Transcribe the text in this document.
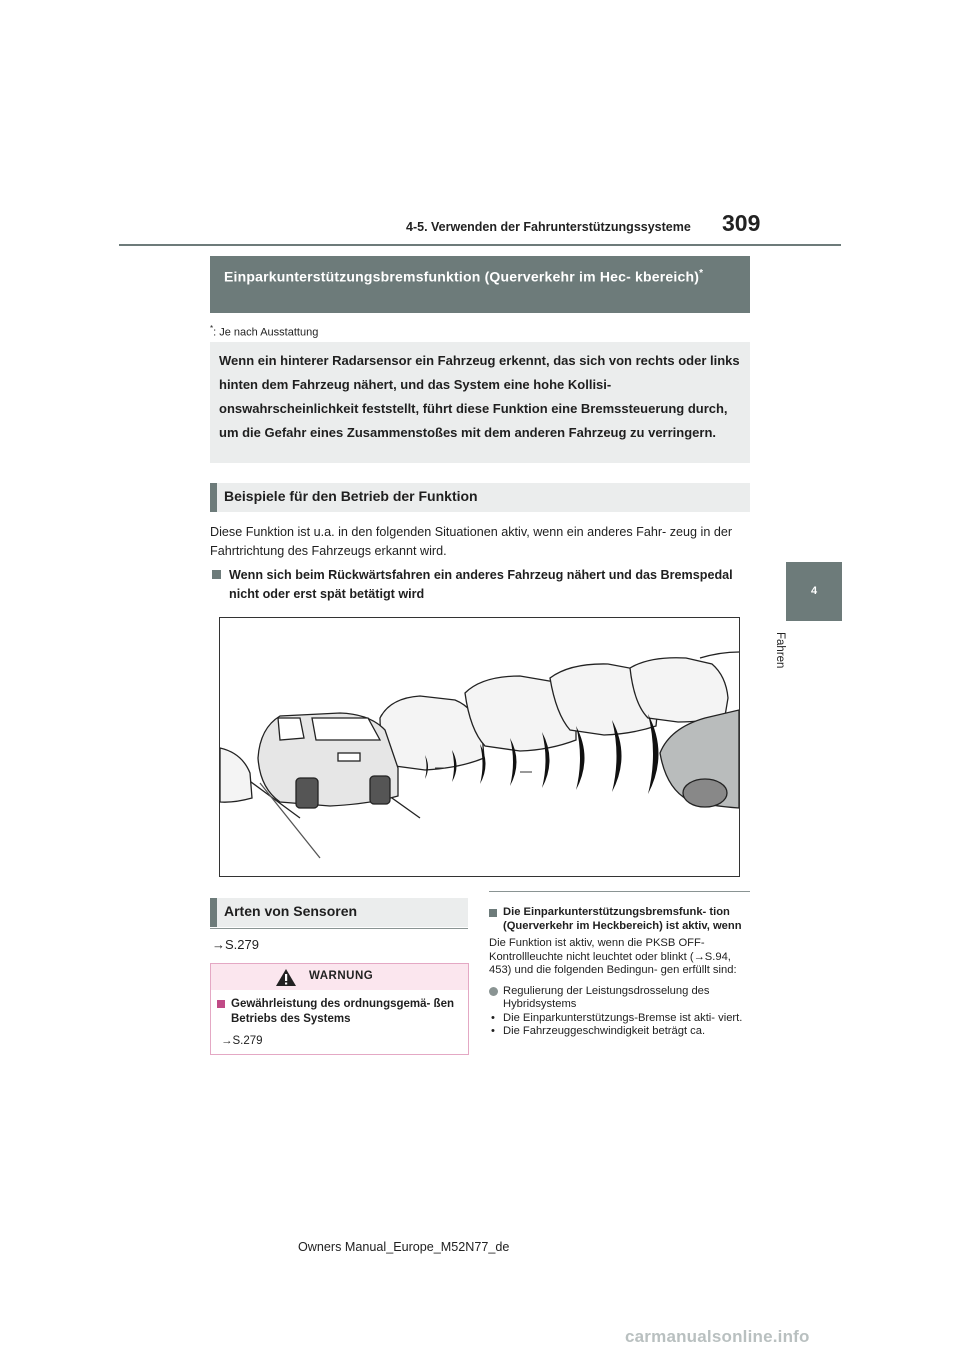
4-5. Verwenden der Fahrunterstützungssysteme 309
4
Fahren
Einparkunterstützungsbremsfunktion (Querverkehr im Hec- kbereich)*
*: Je nach Ausstattung
Wenn ein hinterer Radarsensor ein Fahrzeug erkennt, das sich von rechts oder links hinten dem Fahrzeug nähert, und das System eine hohe Kollisi- onswahrscheinlichkeit feststellt, führt diese Funktion eine Bremssteuerung durch, um die Gefahr eines Zusammenstoßes mit dem anderen Fahrzeug zu verringern.
Beispiele für den Betrieb der Funktion
Diese Funktion ist u.a. in den folgenden Situationen aktiv, wenn ein anderes Fahr- zeug in der Fahrtrichtung des Fahrzeugs erkannt wird.
Wenn sich beim Rückwärtsfahren ein anderes Fahrzeug nähert und das Bremspedal nicht oder erst spät betätigt wird
Arten von Sensoren
→S.279
WARNUNG
Gewährleistung des ordnungsgemä- ßen Betriebs des Systems
→S.279
Die Einparkunterstützungsbremsfunk- tion (Querverkehr im Heckbereich) ist aktiv, wenn
Die Funktion ist aktiv, wenn die PKSB OFF- Kontrollleuchte nicht leuchtet oder blinkt (→S.94, 453) und die folgenden Bedingun- gen erfüllt sind:
Regulierung der Leistungsdrosselung des Hybridsystems
• Die Einparkunterstützungs-Bremse ist akti- viert.
• Die Fahrzeuggeschwindigkeit beträgt ca.
Owners Manual_Europe_M52N77_de
carmanualsonline.info
